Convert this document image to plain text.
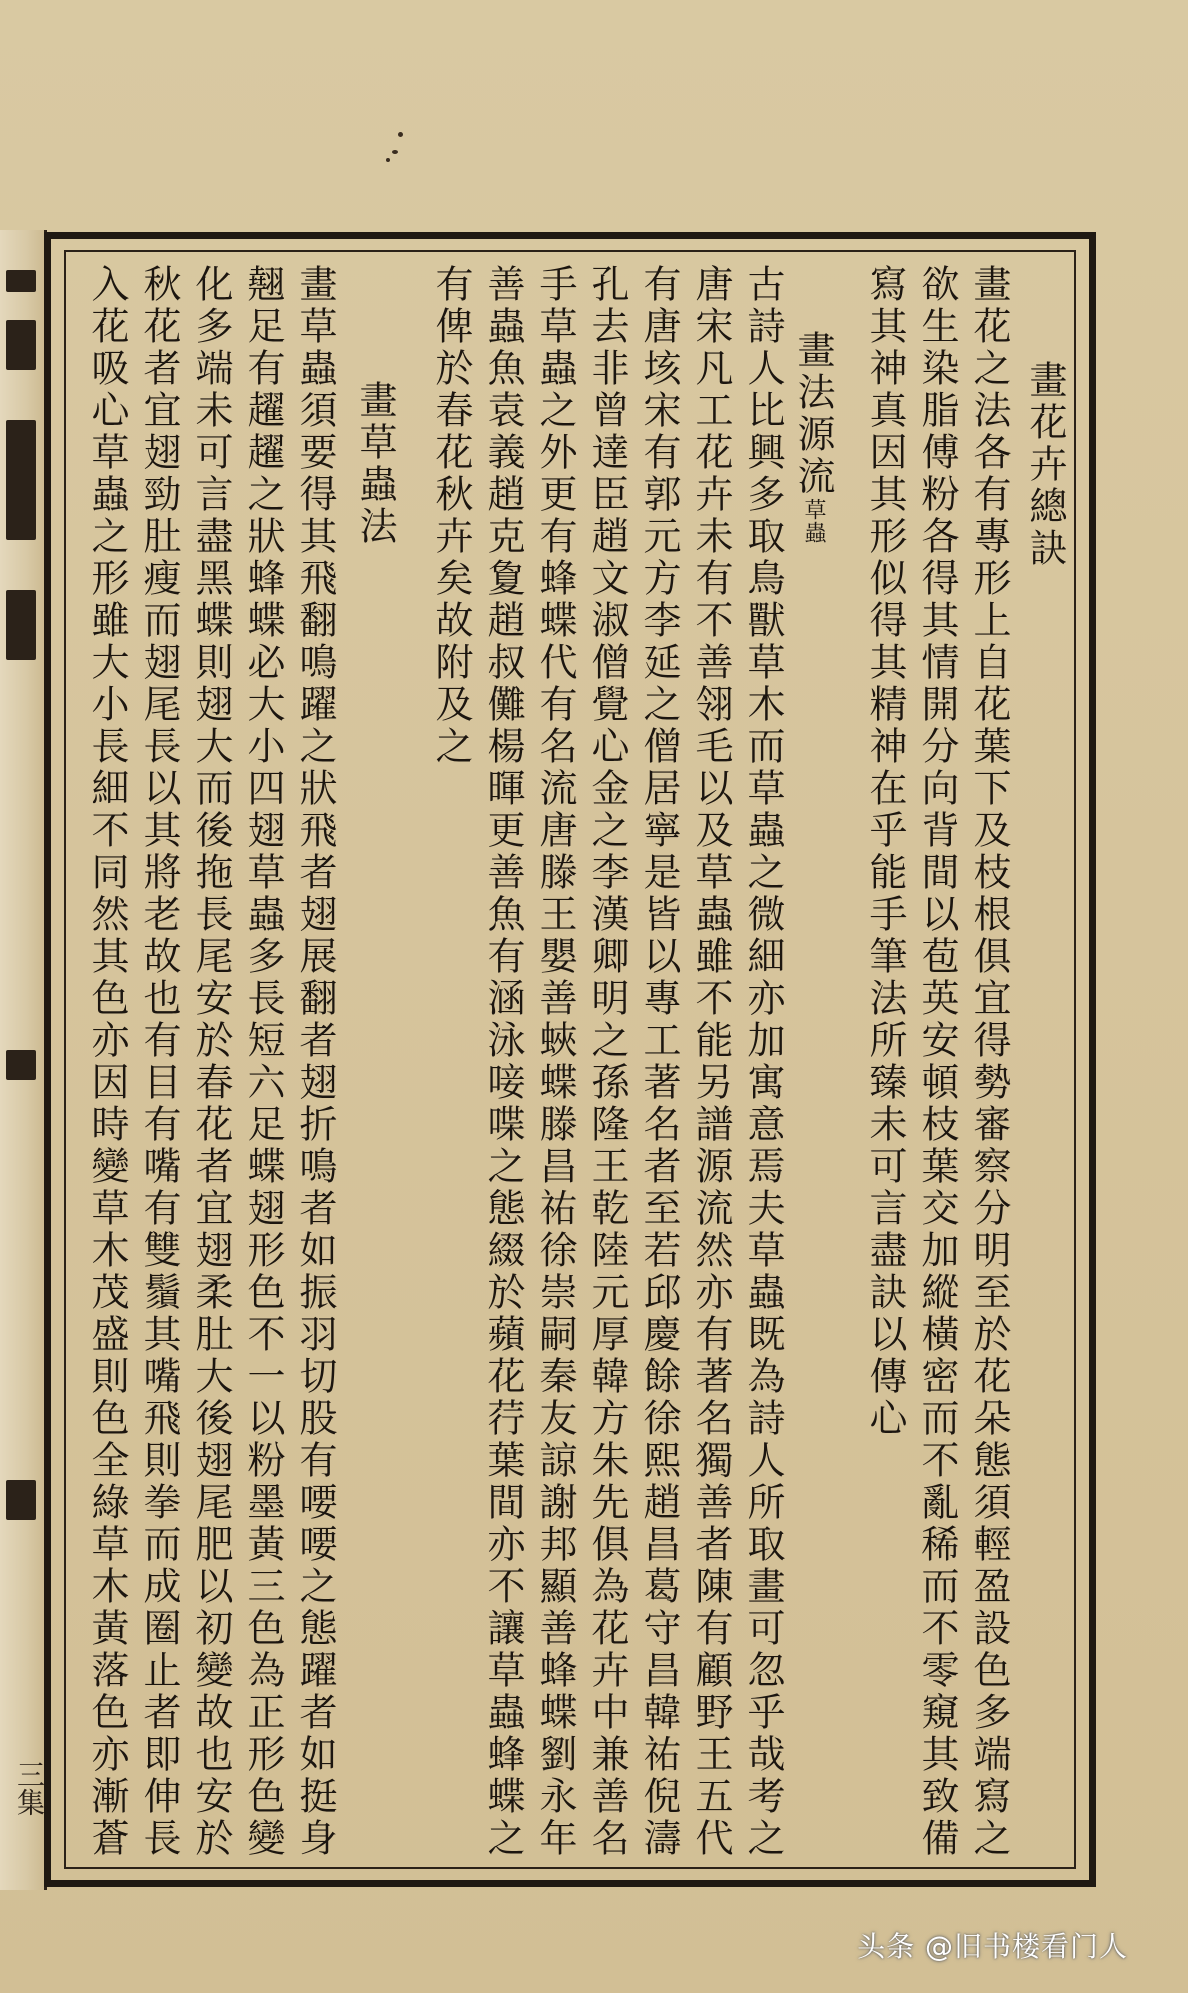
三集
畫花卉總訣
畫花之法各有專形上自花葉下及枝根俱宜得勢審察分明至於花朵態須輕盈設色多端寫之
欲生染脂傅粉各得其情開分向背間以苞英安頓枝葉交加縱橫密而不亂稀而不零窺其致備
寫其神真因其形似得其精神在乎能手筆法所臻未可言盡訣以傳心
畫法源流草蟲
古詩人比興多取鳥獸草木而草蟲之微細亦加寓意焉夫草蟲既為詩人所取畫可忽乎哉考之
唐宋凡工花卉未有不善翎毛以及草蟲雖不能另譜源流然亦有著名獨善者陳有顧野王五代
有唐垓宋有郭元方李延之僧居寧是皆以專工著名者至若邱慶餘徐熙趙昌葛守昌韓祐倪濤
孔去非曾達臣趙文淑僧覺心金之李漢卿明之孫隆王乾陸元厚韓方朱先俱為花卉中兼善名
手草蟲之外更有蜂蝶代有名流唐滕王嬰善蛺蝶滕昌祐徐崇嗣秦友諒謝邦顯善蜂蝶劉永年
善蟲魚袁義趙克夐趙叔儺楊暉更善魚有涵泳唼喋之態綴於蘋花荇葉間亦不讓草蟲蜂蝶之
有俾於春花秋卉矣故附及之
畫草蟲法
畫草蟲須要得其飛翻鳴躍之狀飛者翅展翻者翅折鳴者如振羽切股有喓喓之態躍者如挺身
翹足有趯趯之狀蜂蝶必大小四翅草蟲多長短六足蝶翅形色不一以粉墨黃三色為正形色變
化多端未可言盡黑蝶則翅大而後拖長尾安於春花者宜翅柔肚大後翅尾肥以初變故也安於
秋花者宜翅勁肚瘦而翅尾長以其將老故也有目有嘴有雙鬚其嘴飛則拳而成圈止者即伸長
入花吸心草蟲之形雖大小長細不同然其色亦因時變草木茂盛則色全綠草木黃落色亦漸蒼
头条 @旧书楼看门人
